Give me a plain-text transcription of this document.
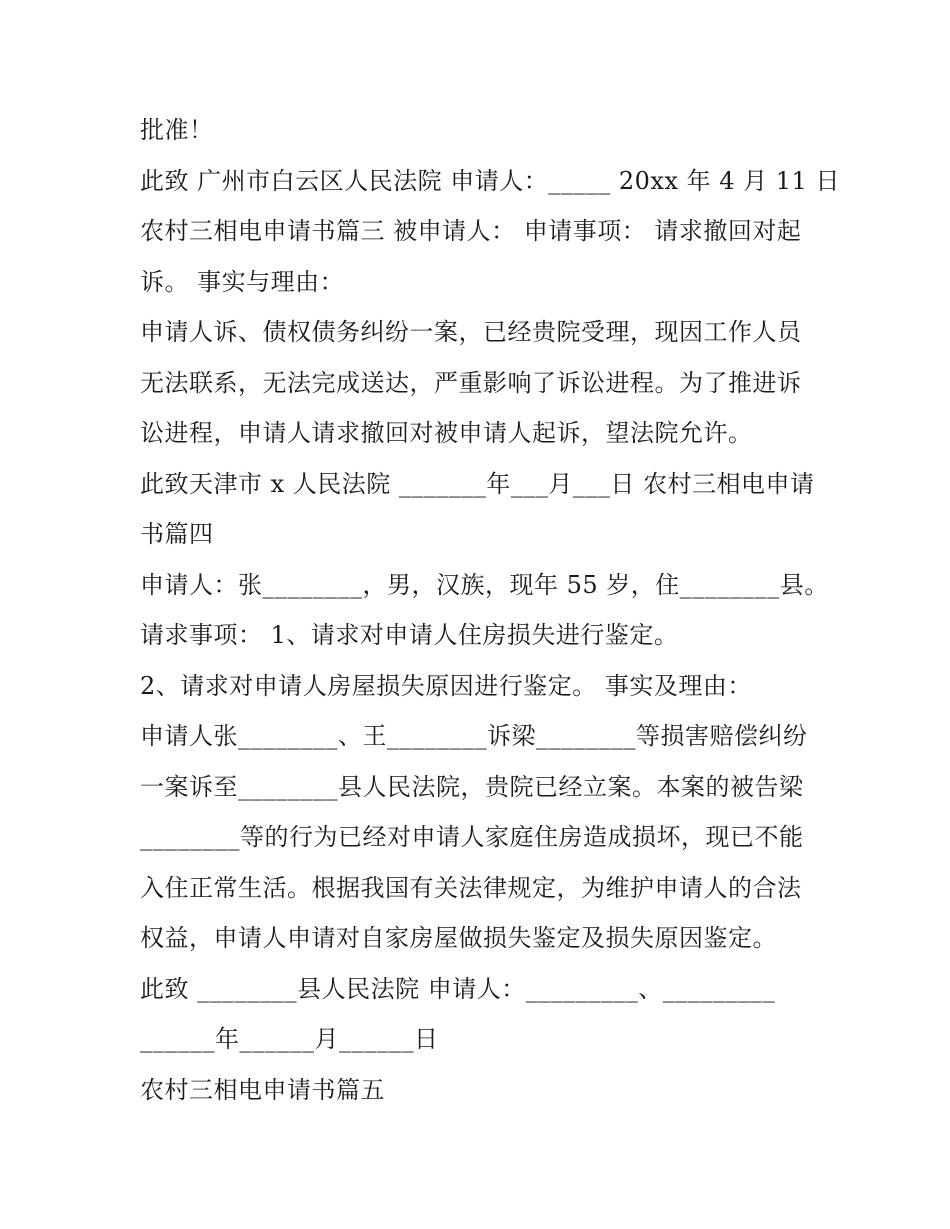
批准！
此致 广州市白云区人民法院 申请人：_____ 20xx 年 4 月 11 日
农村三相电申请书篇三 被申请人： 申请事项： 请求撤回对起
诉。 事实与理由：
申请人诉、债权债务纠纷一案，已经贵院受理，现因工作人员
无法联系，无法完成送达，严重影响了诉讼进程。为了推进诉
讼进程，申请人请求撤回对被申请人起诉，望法院允许。
此致天津市 x 人民法院 _______年___月___日 农村三相电申请
书篇四
申请人：张________，男，汉族，现年 55 岁，住________县。
请求事项： 1、请求对申请人住房损失进行鉴定。
2、请求对申请人房屋损失原因进行鉴定。 事实及理由：
申请人张________、王________诉梁________等损害赔偿纠纷
一案诉至________县人民法院，贵院已经立案。本案的被告梁
________等的行为已经对申请人家庭住房造成损坏，现已不能
入住正常生活。根据我国有关法律规定，为维护申请人的合法
权益，申请人申请对自家房屋做损失鉴定及损失原因鉴定。
此致 ________县人民法院 申请人：_________、_________
______年______月______日
农村三相电申请书篇五
